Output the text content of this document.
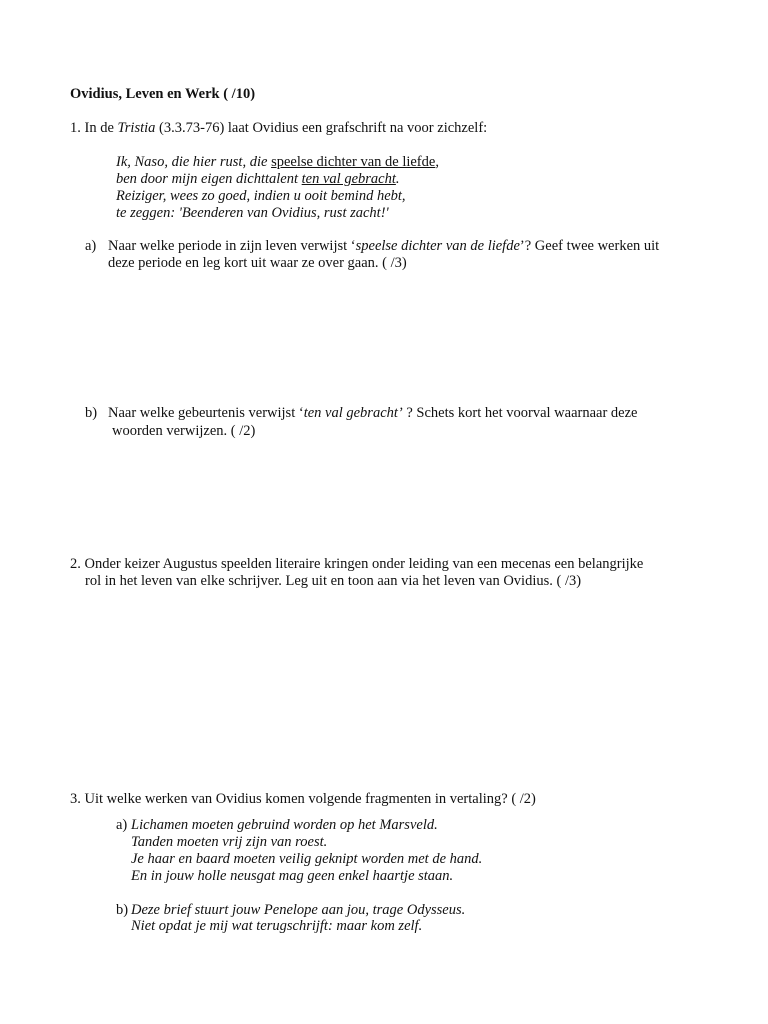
Ovidius, Leven en Werk ( /10)
1. In de Tristia (3.3.73-76) laat Ovidius een grafschrift na voor zichzelf:
Ik, Naso, die hier rust, die speelse dichter van de liefde,
ben door mijn eigen dichttalent ten val gebracht.
Reiziger, wees zo goed, indien u ooit bemind hebt,
te zeggen: 'Beenderen van Ovidius, rust zacht!'
a) Naar welke periode in zijn leven verwijst ‘speelse dichter van de liefde’? Geef twee werken uit
deze periode en leg kort uit waar ze over gaan. ( /3)
b) Naar welke gebeurtenis verwijst ‘ten val gebracht’ ? Schets kort het voorval waarnaar deze
woorden verwijzen. ( /2)
2. Onder keizer Augustus speelden literaire kringen onder leiding van een mecenas een belangrijke
rol in het leven van elke schrijver. Leg uit en toon aan via het leven van Ovidius. ( /3)
3. Uit welke werken van Ovidius komen volgende fragmenten in vertaling? ( /2)
a) Lichamen moeten gebruind worden op het Marsveld.
Tanden moeten vrij zijn van roest.
Je haar en baard moeten veilig geknipt worden met de hand.
En in jouw holle neusgat mag geen enkel haartje staan.
b) Deze brief stuurt jouw Penelope aan jou, trage Odysseus.
Niet opdat je mij wat terugschrijft: maar kom zelf.
